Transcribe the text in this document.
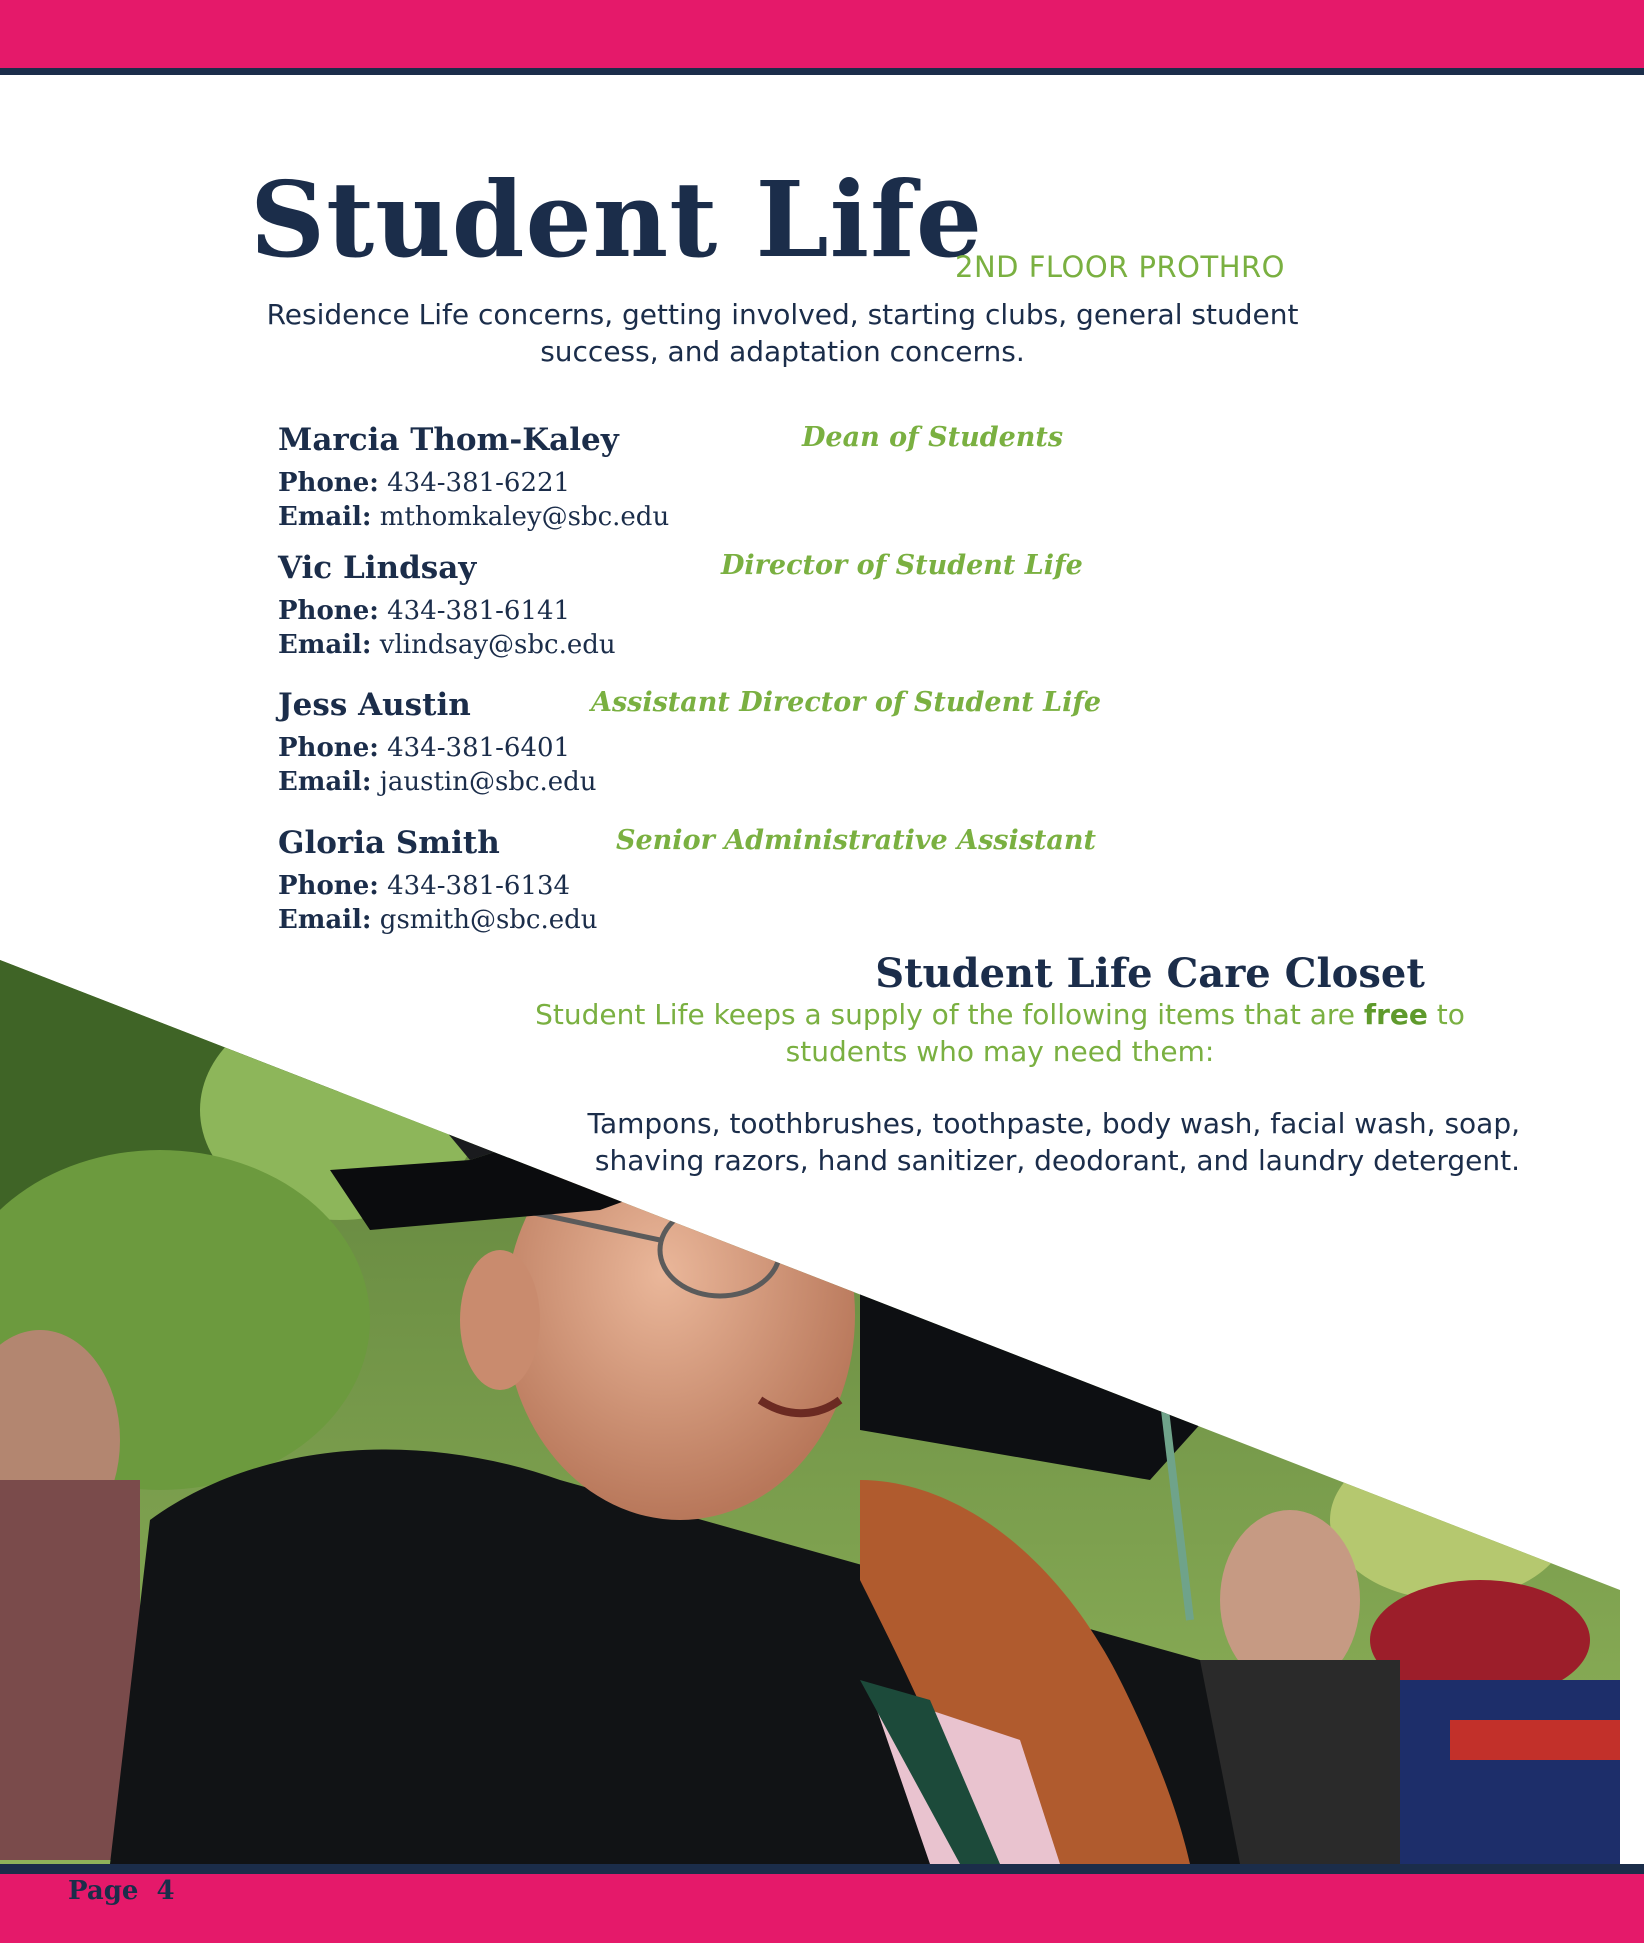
Student Life
2ND FLOOR PROTHRO
Residence Life concerns, getting involved, starting clubs, general student success, and adaptation concerns.
Marcia Thom-Kaley	Dean of Students
Phone: 434-381-6221
Email: mthomkaley@sbc.edu
Vic Lindsay	Director of Student Life
Phone: 434-381-6141
Email: vlindsay@sbc.edu
Jess Austin	Assistant Director of Student Life
Phone: 434-381-6401
Email: jaustin@sbc.edu
Gloria Smith	Senior Administrative Assistant
Phone: 434-381-6134
Email: gsmith@sbc.edu
Student Life Care Closet
Student Life keeps a supply of the following items that are free to students who may need them:
Tampons, toothbrushes, toothpaste, body wash, facial wash, soap, shaving razors, hand sanitizer, deodorant, and laundry detergent.
Page  4
